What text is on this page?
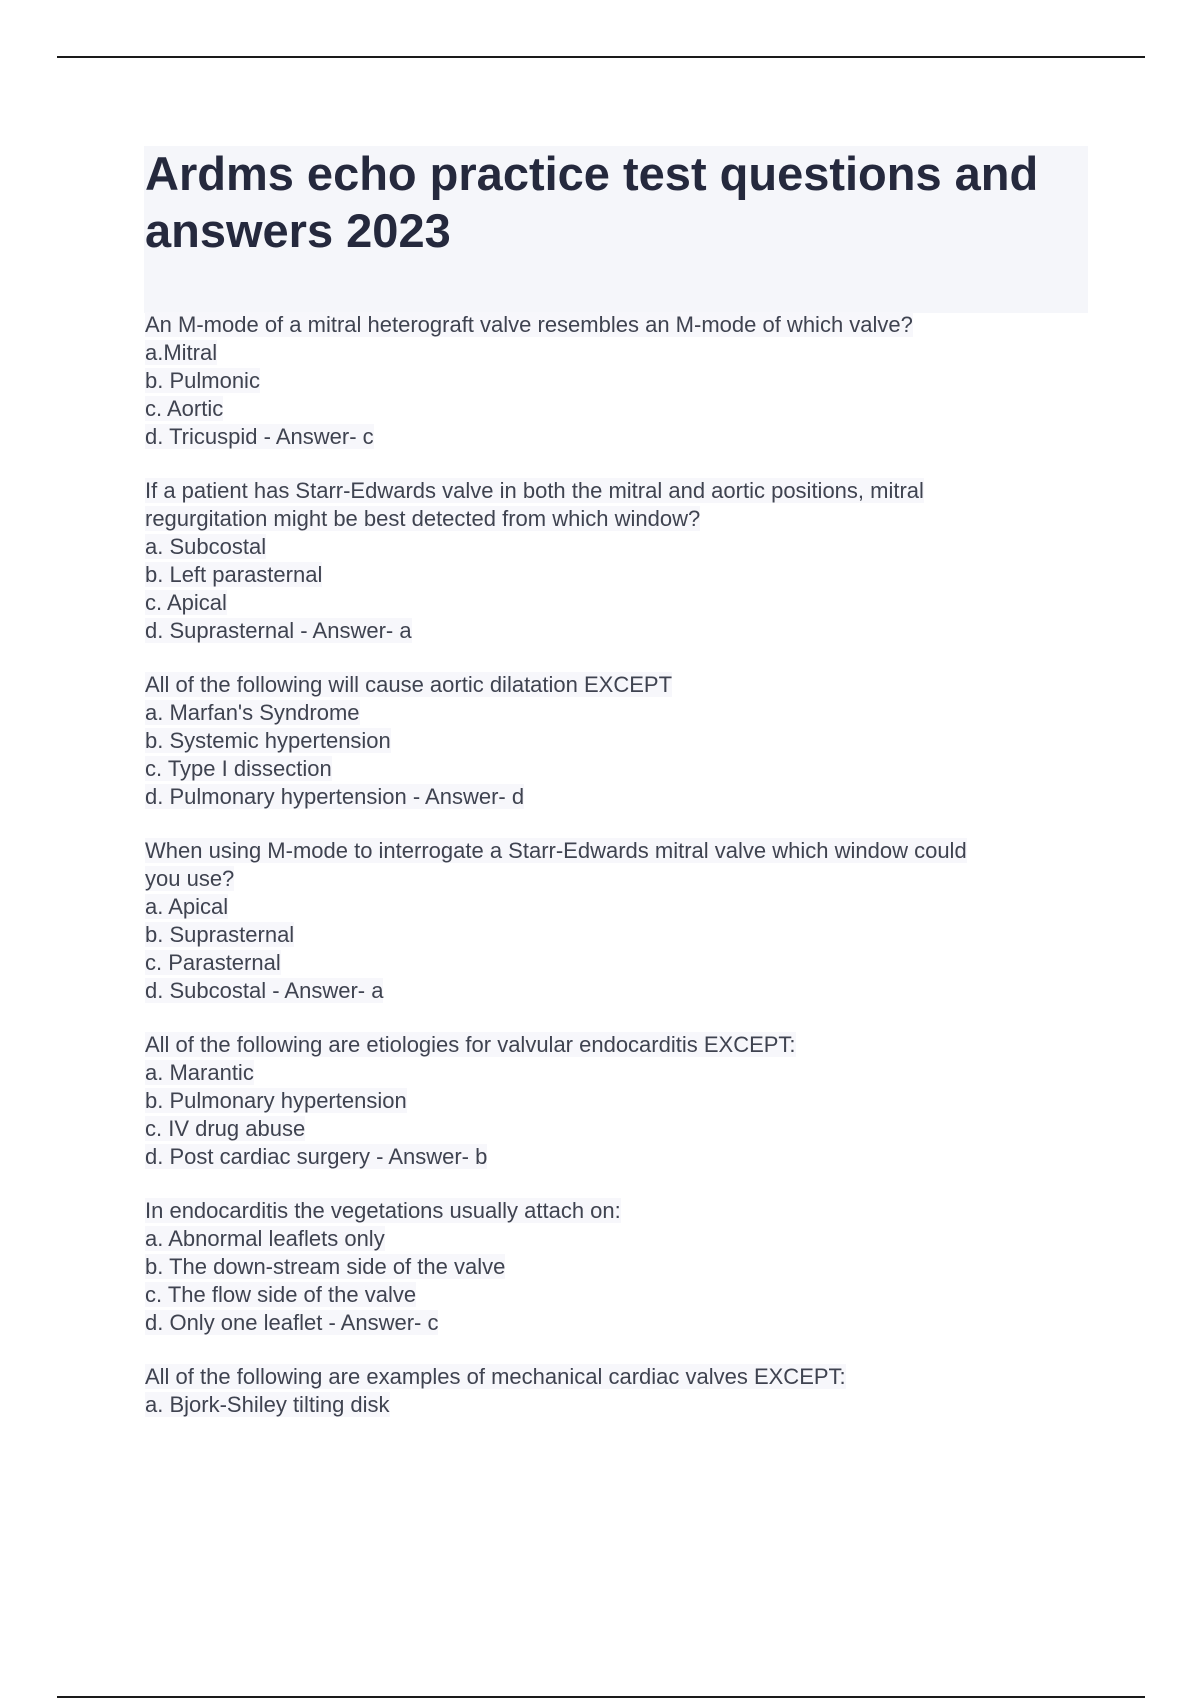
Ardms echo practice test questions and answers 2023
An M-mode of a mitral heterograft valve resembles an M-mode of which valve?
a.Mitral
b. Pulmonic
c. Aortic
d. Tricuspid - Answer- c
If a patient has Starr-Edwards valve in both the mitral and aortic positions, mitral
regurgitation might be best detected from which window?
a. Subcostal
b. Left parasternal
c. Apical
d. Suprasternal - Answer- a
All of the following will cause aortic dilatation EXCEPT
a. Marfan's Syndrome
b. Systemic hypertension
c. Type I dissection
d. Pulmonary hypertension - Answer- d
When using M-mode to interrogate a Starr-Edwards mitral valve which window could
you use?
a. Apical
b. Suprasternal
c. Parasternal
d. Subcostal - Answer- a
All of the following are etiologies for valvular endocarditis EXCEPT:
a. Marantic
b. Pulmonary hypertension
c. IV drug abuse
d. Post cardiac surgery - Answer- b
In endocarditis the vegetations usually attach on:
a. Abnormal leaflets only
b. The down-stream side of the valve
c. The flow side of the valve
d. Only one leaflet - Answer- c
All of the following are examples of mechanical cardiac valves EXCEPT:
a. Bjork-Shiley tilting disk
